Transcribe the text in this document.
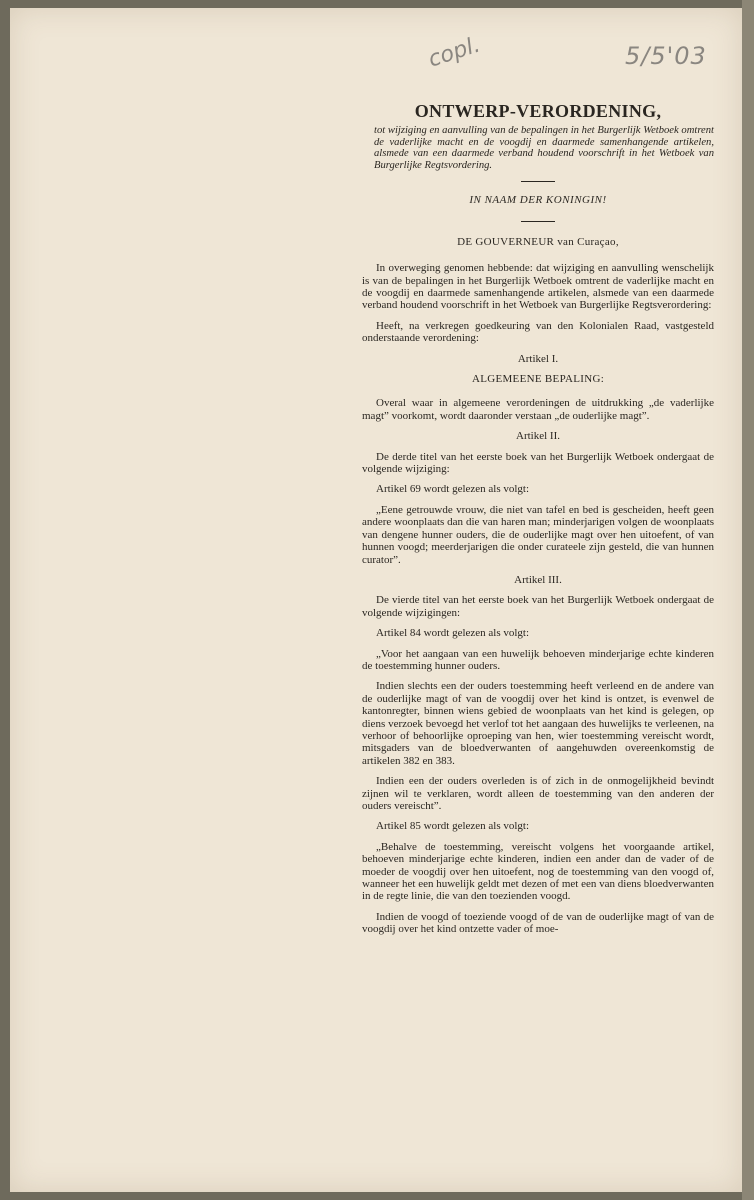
copl.	5/5'03
ONTWERP-VERORDENING,
tot wijziging en aanvulling van de bepalingen in het Burgerlijk Wetboek omtrent de vaderlijke macht en de voogdij en daarmede samenhangende artikelen, alsmede van een daarmede verband houdend voorschrift in het Wetboek van Burgerlijke Regtsvordering.
IN NAAM DER KONINGIN!
DE GOUVERNEUR van Curaçao,

In overweging genomen hebbende: dat wijziging en aanvulling wenschelijk is van de bepalingen in het Burgerlijk Wetboek omtrent de vaderlijke macht en de voogdij en daarmede samenhangende artikelen, alsmede van een daarmede verband houdend voorschrift in het Wetboek van Burgerlijke Regtsverordering:

Heeft, na verkregen goedkeuring van den Kolonialen Raad, vastgesteld onderstaande verordening:

Artikel I.
ALGEMEENE BEPALING:

Overal waar in algemeene verordeningen de uitdrukking „de vaderlijke magt” voorkomt, wordt daaronder verstaan „de ouderlijke magt”.

Artikel II.

De derde titel van het eerste boek van het Burgerlijk Wetboek ondergaat de volgende wijziging:

Artikel 69 wordt gelezen als volgt:

„Eene getrouwde vrouw, die niet van tafel en bed is gescheiden, heeft geen andere woonplaats dan die van haren man; minderjarigen volgen de woonplaats van dengene hunner ouders, die de ouderlijke magt over hen uitoefent, of van hunnen voogd; meerderjarigen die onder curateele zijn gesteld, die van hunnen curator”.

Artikel III.

De vierde titel van het eerste boek van het Burgerlijk Wetboek ondergaat de volgende wijzigingen:

Artikel 84 wordt gelezen als volgt:

„Voor het aangaan van een huwelijk behoeven minderjarige echte kinderen de toestemming hunner ouders.

Indien slechts een der ouders toestemming heeft verleend en de andere van de ouderlijke magt of van de voogdij over het kind is ontzet, is evenwel de kantonregter, binnen wiens gebied de woonplaats van het kind is gelegen, op diens verzoek bevoegd het verlof tot het aangaan des huwelijks te verleenen, na verhoor of behoorlijke oproeping van hen, wier toestemming vereischt wordt, mitsgaders van de bloedverwanten of aangehuwden overeenkomstig de artikelen 382 en 383.

Indien een der ouders overleden is of zich in de onmogelijkheid bevindt zijnen wil te verklaren, wordt alleen de toestemming van den anderen der ouders vereischt”.

Artikel 85 wordt gelezen als volgt:

„Behalve de toestemming, vereischt volgens het voorgaande artikel, behoeven minderjarige echte kinderen, indien een ander dan de vader of de moeder de voogdij over hen uitoefent, nog de toestemming van den voogd of, wanneer het een huwelijk geldt met dezen of met een van diens bloedverwanten in de regte linie, die van den toezienden voogd.

Indien de voogd of toeziende voogd of de van de ouderlijke magt of van de voogdij over het kind ontzette vader of moe-
